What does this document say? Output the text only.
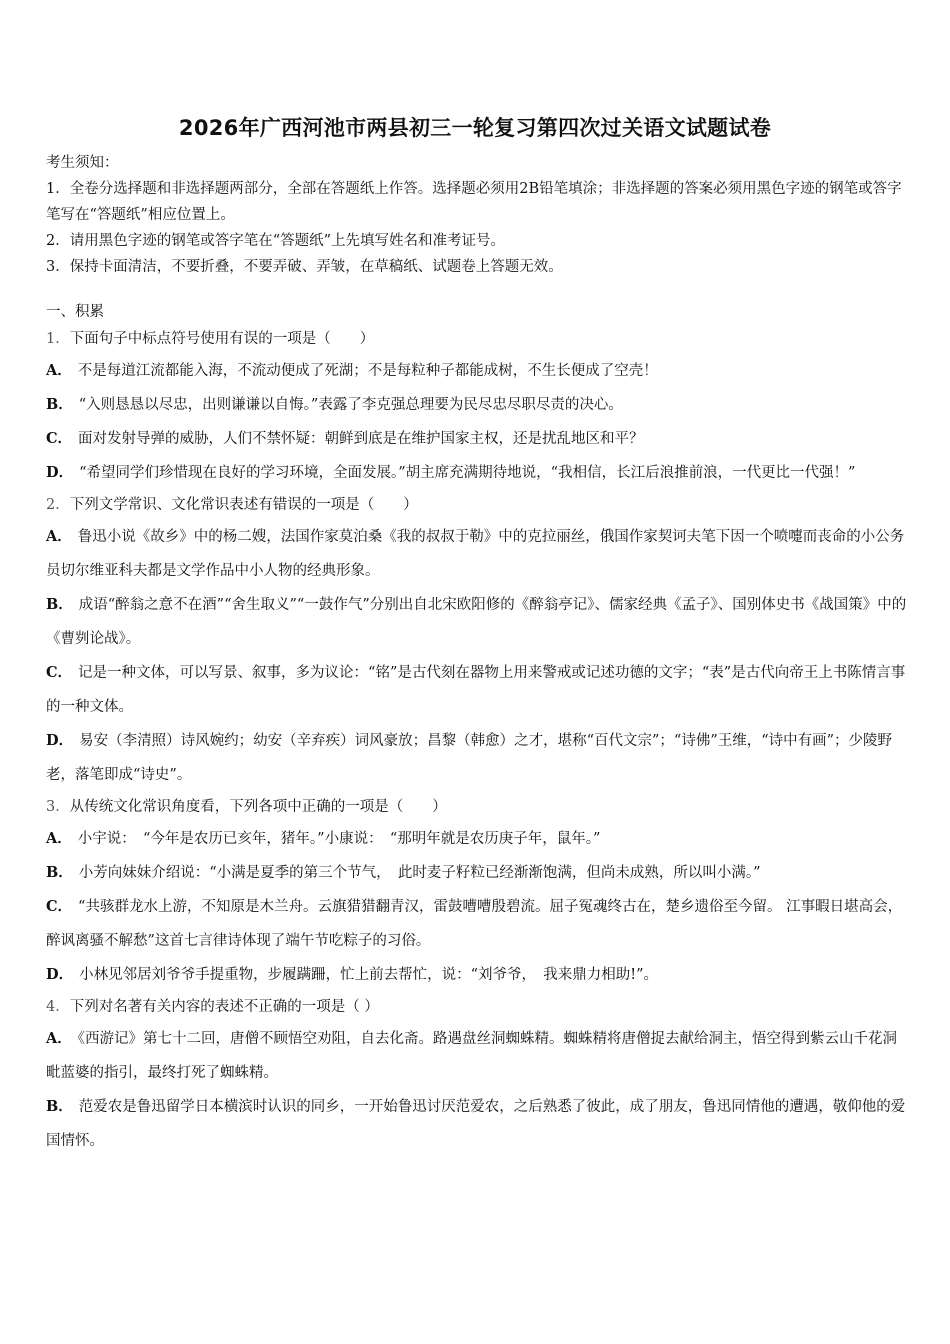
2026年广西河池市两县初三一轮复习第四次过关语文试题试卷

考生须知：

1．全卷分选择题和非选择题两部分，全部在答题纸上作答。选择题必须用2B铅笔填涂；非选择题的答案必须用黑色字迹的钢笔或答字笔写在“答题纸”相应位置上。

2．请用黑色字迹的钢笔或答字笔在“答题纸”上先填写姓名和准考证号。

3．保持卡面清洁，不要折叠，不要弄破、弄皱，在草稿纸、试题卷上答题无效。

一、积累

1．下面句子中标点符号使用有误的一项是（　　）

A． 不是每道江流都能入海，不流动便成了死湖；不是每粒种子都能成树，不生长便成了空壳！

B． “入则恳恳以尽忠，出则谦谦以自悔。”表露了李克强总理要为民尽忠尽职尽责的决心。

C． 面对发射导弹的威胁，人们不禁怀疑：朝鲜到底是在维护国家主权，还是扰乱地区和平？

D． “希望同学们珍惜现在良好的学习环境，全面发展。”胡主席充满期待地说，“我相信，长江后浪推前浪，一代更比一代强！”

2．下列文学常识、文化常识表述有错误的一项是（　　）

A． 鲁迅小说《故乡》中的杨二嫂，法国作家莫泊桑《我的叔叔于勒》中的克拉丽丝，俄国作家契诃夫笔下因一个喷嚏而丧命的小公务员切尔维亚科夫都是文学作品中小人物的经典形象。

B． 成语“醉翁之意不在酒”“舍生取义”“一鼓作气”分别出自北宋欧阳修的《醉翁亭记》、儒家经典《孟子》、国别体史书《战国策》中的《曹刿论战》。

C． 记是一种文体，可以写景、叙事，多为议论：“铭”是古代刻在器物上用来警戒或记述功德的文字；“表”是古代向帝王上书陈情言事的一种文体。

D． 易安（李清照）诗风婉约；幼安（辛弃疾）词风豪放；昌黎（韩愈）之才，堪称“百代文宗”；“诗佛”王维，“诗中有画”；少陵野老，落笔即成“诗史”。

3．从传统文化常识角度看，下列各项中正确的一项是（　　）

A． 小宇说：　“今年是农历已亥年，猪年。”小康说：　“那明年就是农历庚子年，鼠年。”

B． 小芳向妹妹介绍说：“小满是夏季的第三个节气，　此时麦子籽粒已经渐渐饱满，但尚未成熟，所以叫小满。”

C． “共骇群龙水上游，不知原是木兰舟。云旗猎猎翻青汉，雷鼓嘈嘈殷碧流。屈子冤魂终古在，楚乡遗俗至今留。 江事暇日堪高会，醉讽离骚不解愁”这首七言律诗体现了端午节吃粽子的习俗。

D． 小林见邻居刘爷爷手提重物，步履蹒跚，忙上前去帮忙，说：“刘爷爷，　我来鼎力相助!”。

4．下列对名著有关内容的表述不正确的一项是（ ）

A． 《西游记》第七十二回，唐僧不顾悟空劝阻，自去化斋。路遇盘丝洞蜘蛛精。蜘蛛精将唐僧捉去献给洞主，悟空得到紫云山千花洞毗蓝婆的指引，最终打死了蜘蛛精。

B． 范爱农是鲁迅留学日本横滨时认识的同乡，一开始鲁迅讨厌范爱农，之后熟悉了彼此，成了朋友，鲁迅同情他的遭遇，敬仰他的爱国情怀。
